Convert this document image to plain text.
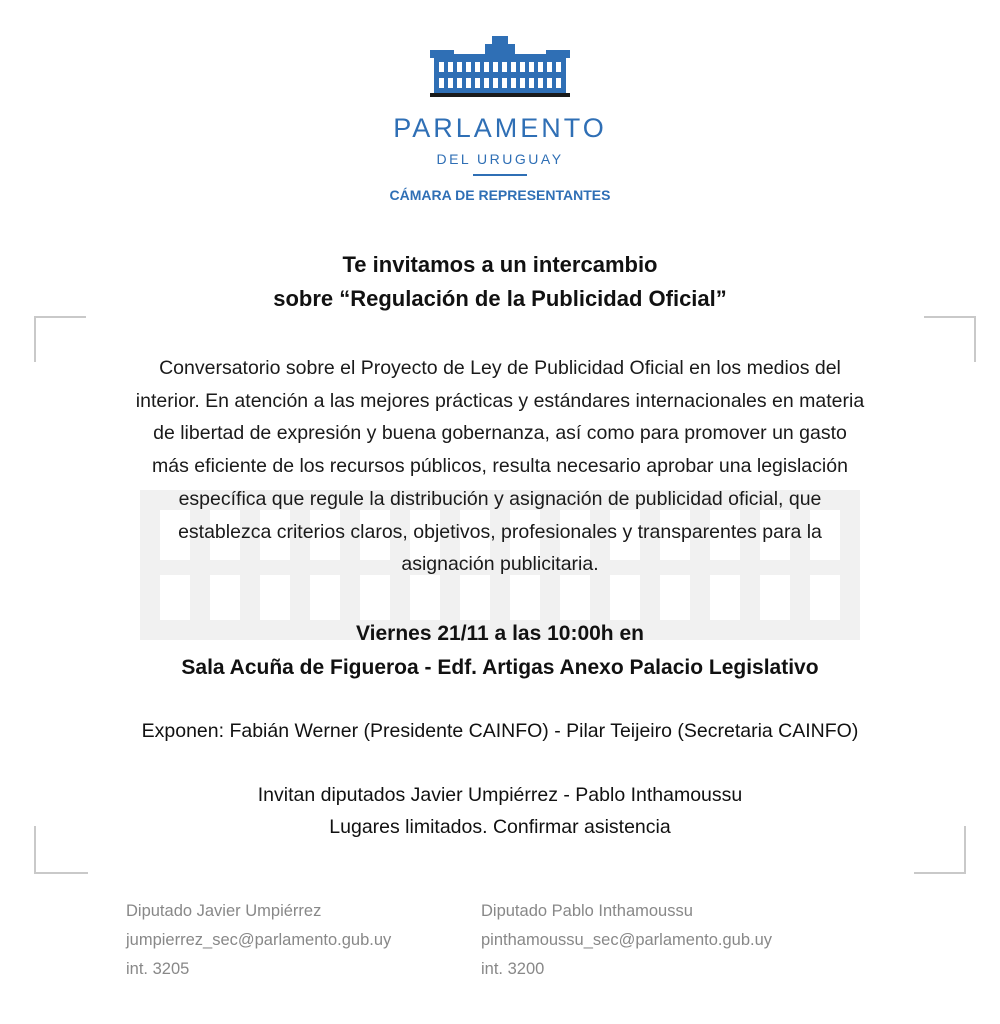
PARLAMENTO
DEL URUGUAY
CÁMARA DE REPRESENTANTES
Te invitamos a un intercambio
sobre “Regulación de la Publicidad Oficial”
Conversatorio sobre el Proyecto de Ley de Publicidad Oficial en los medios del
interior. En atención a las mejores prácticas y estándares internacionales en materia
de libertad de expresión y buena gobernanza, así como para promover un gasto
más eficiente de los recursos públicos, resulta necesario aprobar una legislación
específica que regule la distribución y asignación de publicidad oficial, que
establezca criterios claros, objetivos, profesionales y transparentes para la
asignación publicitaria.
Viernes 21/11 a las 10:00h en
Sala Acuña de Figueroa - Edf. Artigas Anexo Palacio Legislativo
Exponen: Fabián Werner (Presidente CAINFO) - Pilar Teijeiro (Secretaria CAINFO)
Invitan diputados Javier Umpiérrez - Pablo Inthamoussu
Lugares limitados. Confirmar asistencia
Diputado Javier Umpiérrez
jumpierrez_sec@parlamento.gub.uy
int. 3205
Diputado Pablo Inthamoussu
pinthamoussu_sec@parlamento.gub.uy
int. 3200
